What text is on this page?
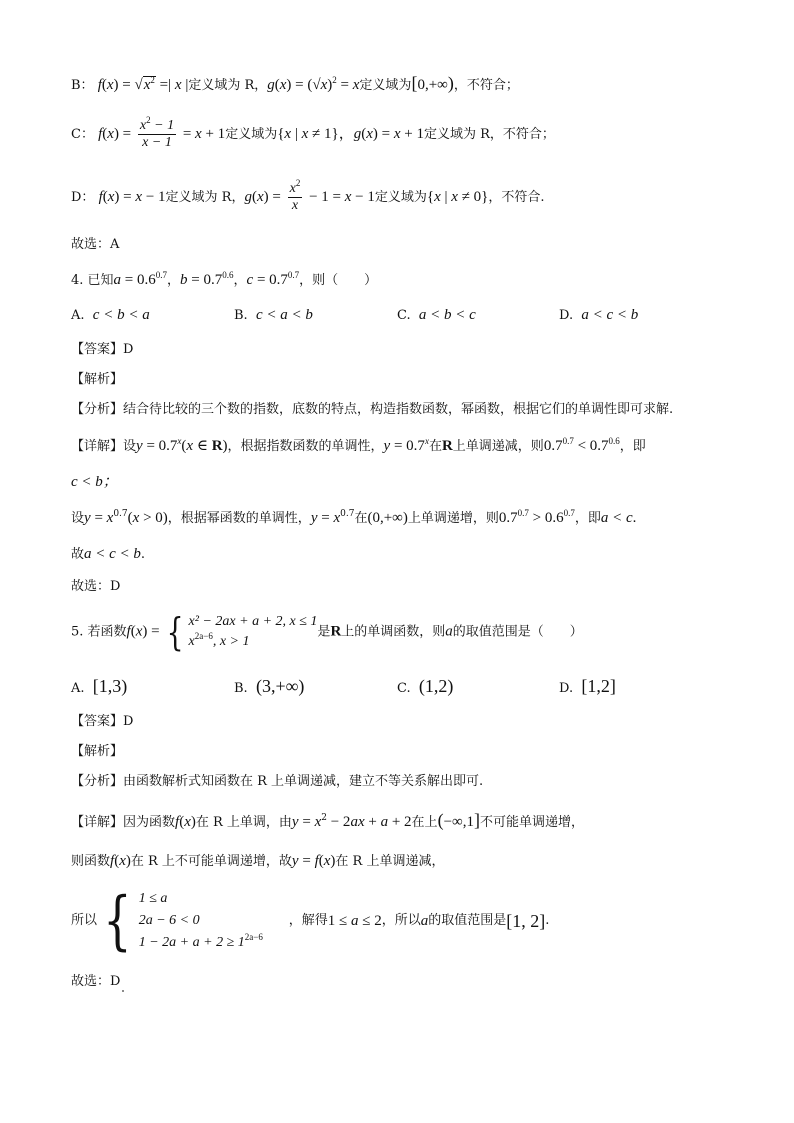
B： $f(x) = √x^2$ =| x |定义域为 R，$g(x) = (√x)^2 = x$定义域为[0,+∞)，不符合；
C： $f(x) = \frac{x^2 - 1}{x - 1} = x + 1$定义域为{x | x ≠ 1}，g(x) = x + 1定义域为 R，不符合；
D： f(x) = x − 1定义域为 R，$g(x) = \frac{x^2}{x} - 1 = x - 1$定义域为{x | x ≠ 0}，不符合.
故选：A
4. 已知$a = 0.6^{0.7}$，$b = 0.7^{0.6}$，$c = 0.7^{0.7}$，则（　　）
A. c < b < a	B. c < a < b	C. a < b < c	D. a < c < b
【答案】D
【解析】
【分析】结合待比较的三个数的指数，底数的特点，构造指数函数，幂函数，根据它们的单调性即可求解.
【详解】设$y = 0.7^x(x$ ∈ R)，根据指数函数的单调性，$y = 0.7^x$在R上单调递减，则$0.7^{0.7} < 0.7^{0.6}$，即
c < b；
设$y = x^{0.7}(x > 0)$，根据幂函数的单调性，$y = x^{0.7}$在(0,+∞)上单调递增，则$0.7^{0.7} > 0.6^{0.7}$，即a < c.
故a < c < b.
故选：D
5. 若函数f(x) = { x² − 2ax + a + 2, x ≤ 1
$x^{2a-6}$, x > 1
是R上的单调函数，则a的取值范围是（　　）
A. [1,3)	B. (3,+∞)	C. (1,2)	D. [1,2]
【答案】D
【解析】
【分析】由函数解析式知函数在 R 上单调递减，建立不等关系解出即可.
【详解】因为函数f(x)在 R 上单调，由$y = x^2 - 2ax + a + 2$在上(−∞,1]不可能单调递增，
则函数f(x)在 R 上不可能单调递增，故y = f(x)在 R 上单调递减，
所以 { 1 ≤ a
2a − 6 < 0
$1 - 2a + a + 2 \ge 1^{2a-6}$
，解得1 ≤ a ≤ 2，所以a的取值范围是[1, 2].
故选：D
